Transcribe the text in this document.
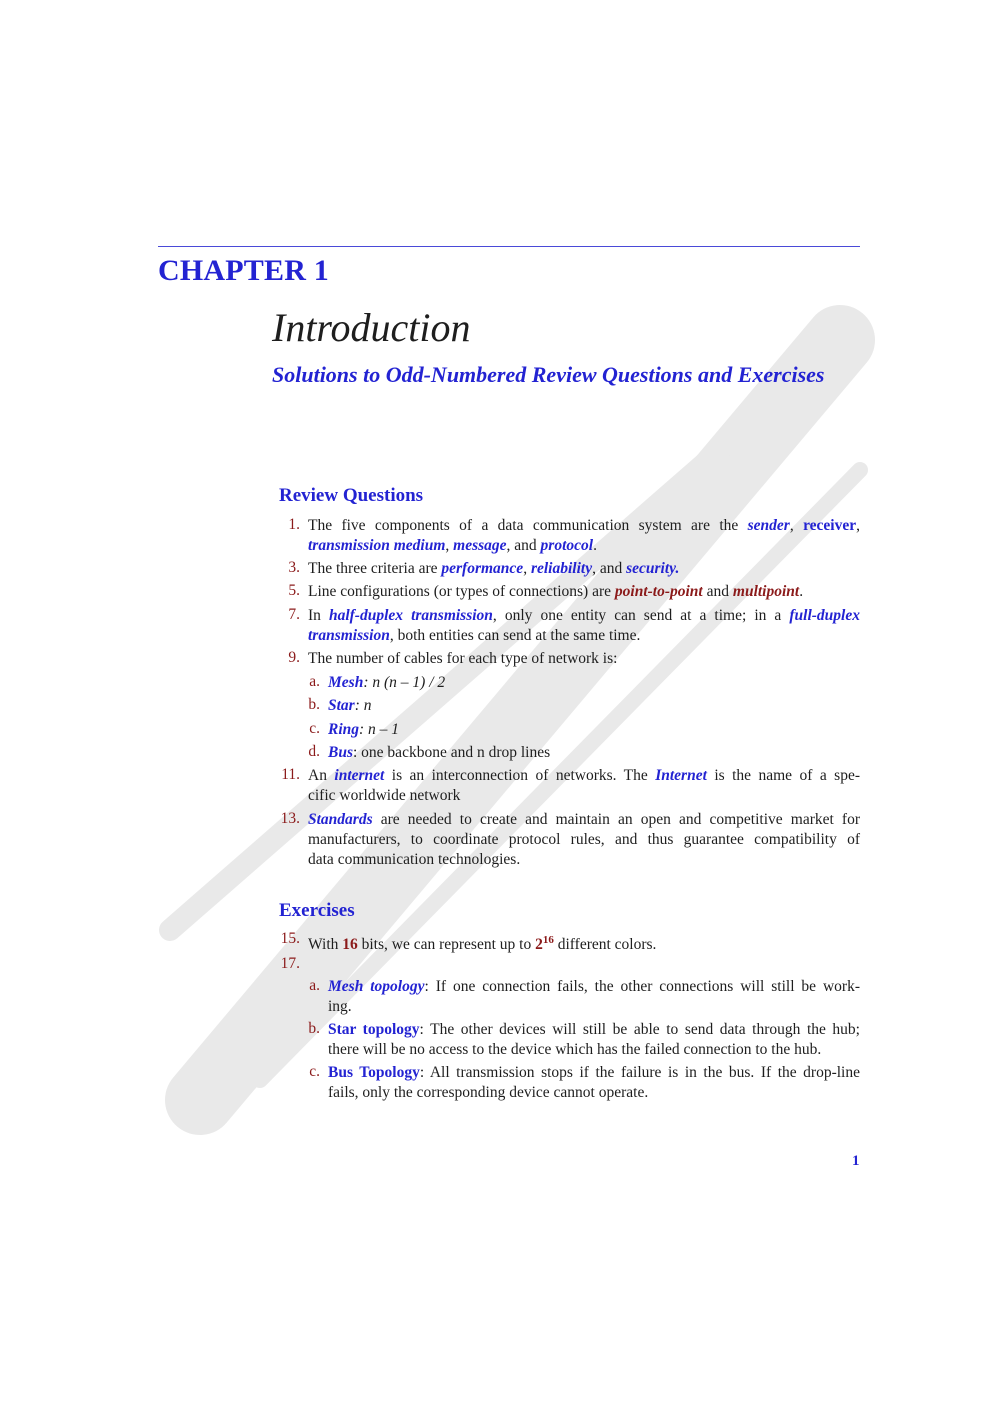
CHAPTER 1
Introduction
Solutions to Odd-Numbered Review Questions and Exercises
Review Questions
1. The five components of a data communication system are the sender, receiver,
transmission medium, message, and protocol.
3. The three criteria are performance, reliability, and security.
5. Line configurations (or types of connections) are point-to-point and multipoint.
7. In half-duplex transmission, only one entity can send at a time; in a full-duplex
transmission, both entities can send at the same time.
9. The number of cables for each type of network is:
a. Mesh: n (n – 1) / 2
b. Star: n
c. Ring: n – 1
d. Bus: one backbone and n drop lines
11. An internet is an interconnection of networks. The Internet is the name of a spe-
cific worldwide network
13. Standards are needed to create and maintain an open and competitive market for
manufacturers, to coordinate protocol rules, and thus guarantee compatibility of
data communication technologies.
Exercises
15. With 16 bits, we can represent up to $2^{16}$ different colors.
17.
a. Mesh topology: If one connection fails, the other connections will still be work-
ing.
b. Star topology: The other devices will still be able to send data through the hub;
there will be no access to the device which has the failed connection to the hub.
c. Bus Topology: All transmission stops if the failure is in the bus. If the drop-line
fails, only the corresponding device cannot operate.
1
